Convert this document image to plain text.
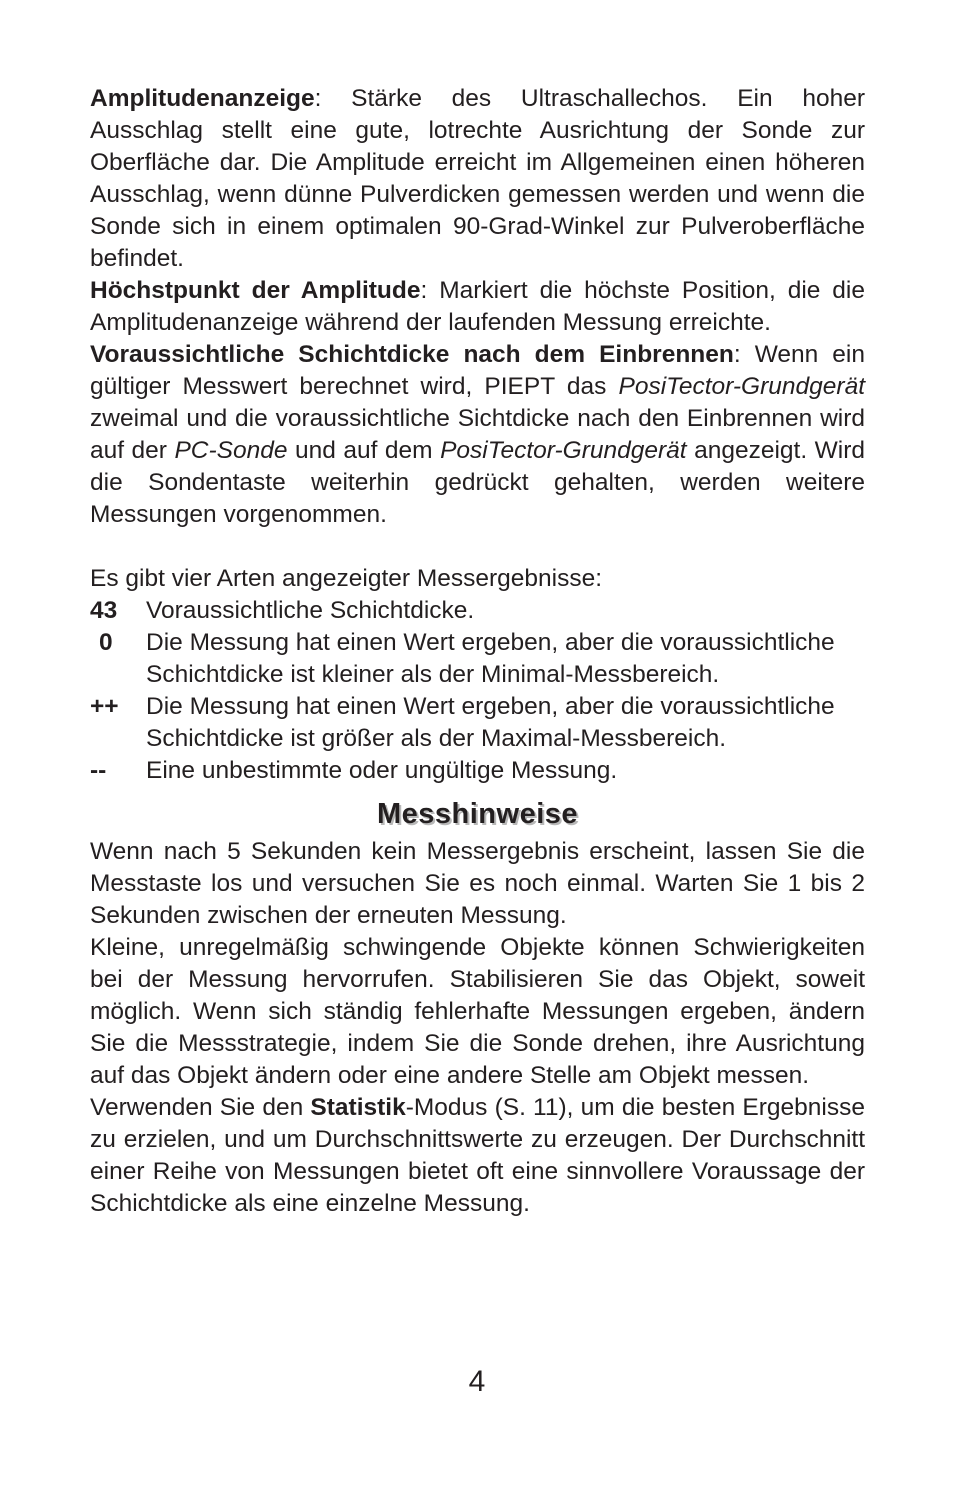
Amplitudenanzeige: Stärke des Ultraschallechos. Ein hoher Ausschlag stellt eine gute, lotrechte Ausrichtung der Sonde zur Oberfläche dar. Die Amplitude erreicht im Allgemeinen einen höheren Ausschlag, wenn dünne Pulverdicken gemessen werden und wenn die Sonde sich in einem optimalen 90-Grad-Winkel zur Pulveroberfläche befindet.

Höchstpunkt der Amplitude: Markiert die höchste Position, die die Amplitudenanzeige während der laufenden Messung erreichte.

Voraussichtliche Schichtdicke nach dem Einbrennen: Wenn ein gültiger Messwert berechnet wird, PIEPT das PosiTector-Grundgerät zweimal und die voraussichtliche Sichtdicke nach den Einbrennen wird auf der PC-Sonde und auf dem PosiTector-Grundgerät angezeigt. Wird die Sondentaste weiterhin gedrückt gehalten, werden weitere Messungen vorgenommen.

Es gibt vier Arten angezeigter Messergebnisse:

43 Voraussichtliche Schichtdicke.
0 Die Messung hat einen Wert ergeben, aber die voraussichtliche Schichtdicke ist kleiner als der Minimal-Messbereich.
++ Die Messung hat einen Wert ergeben, aber die voraussichtliche Schichtdicke ist größer als der Maximal-Messbereich.
-- Eine unbestimmte oder ungültige Messung.
Messhinweise

Wenn nach 5 Sekunden kein Messergebnis erscheint, lassen Sie die Messtaste los und versuchen Sie es noch einmal. Warten Sie 1 bis 2 Sekunden zwischen der erneuten Messung.

Kleine, unregelmäßig schwingende Objekte können Schwierigkeiten bei der Messung hervorrufen. Stabilisieren Sie das Objekt, soweit möglich. Wenn sich ständig fehlerhafte Messungen ergeben, ändern Sie die Messstrategie, indem Sie die Sonde drehen, ihre Ausrichtung auf das Objekt ändern oder eine andere Stelle am Objekt messen.

Verwenden Sie den Statistik-Modus (S. 11), um die besten Ergebnisse zu erzielen, und um Durchschnittswerte zu erzeugen. Der Durchschnitt einer Reihe von Messungen bietet oft eine sinnvollere Voraussage der Schichtdicke als eine einzelne Messung.

4
